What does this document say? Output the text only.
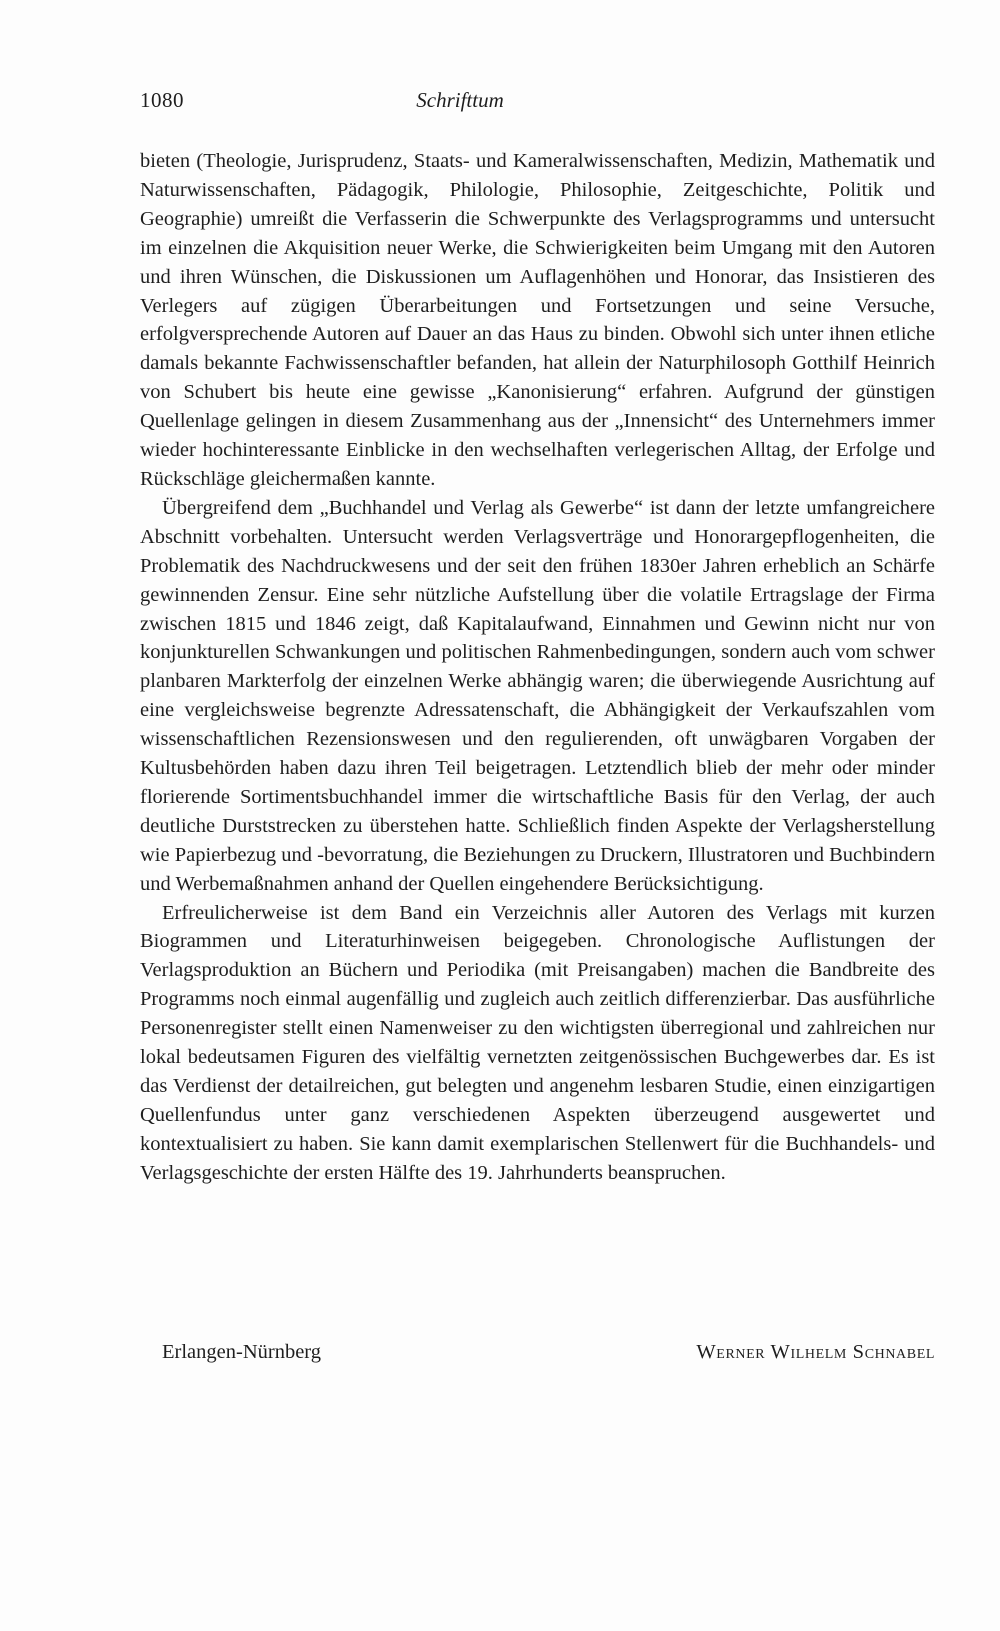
1080	Schrifttum

bieten (Theologie, Jurisprudenz, Staats- und Kameralwissenschaften, Medizin, Mathematik und Naturwissenschaften, Pädagogik, Philologie, Philosophie, Zeitgeschichte, Politik und Geographie) umreißt die Verfasserin die Schwerpunkte des Verlagsprogramms und untersucht im einzelnen die Akquisition neuer Werke, die Schwierigkeiten beim Umgang mit den Autoren und ihren Wünschen, die Diskussionen um Auflagenhöhen und Honorar, das Insistieren des Verlegers auf zügigen Überarbeitungen und Fortsetzungen und seine Versuche, erfolgversprechende Autoren auf Dauer an das Haus zu binden. Obwohl sich unter ihnen etliche damals bekannte Fachwissenschaftler befanden, hat allein der Naturphilosoph Gotthilf Heinrich von Schubert bis heute eine gewisse „Kanonisierung“ erfahren. Aufgrund der günstigen Quellenlage gelingen in diesem Zusammenhang aus der „Innensicht“ des Unternehmers immer wieder hochinteressante Einblicke in den wechselhaften verlegerischen Alltag, der Erfolge und Rückschläge gleichermaßen kannte.

Übergreifend dem „Buchhandel und Verlag als Gewerbe“ ist dann der letzte umfangreichere Abschnitt vorbehalten. Untersucht werden Verlagsverträge und Honorargepflogenheiten, die Problematik des Nachdruckwesens und der seit den frühen 1830er Jahren erheblich an Schärfe gewinnenden Zensur. Eine sehr nützliche Aufstellung über die volatile Ertragslage der Firma zwischen 1815 und 1846 zeigt, daß Kapitalaufwand, Einnahmen und Gewinn nicht nur von konjunkturellen Schwankungen und politischen Rahmenbedingungen, sondern auch vom schwer planbaren Markterfolg der einzelnen Werke abhängig waren; die überwiegende Ausrichtung auf eine vergleichsweise begrenzte Adressatenschaft, die Abhängigkeit der Verkaufszahlen vom wissenschaftlichen Rezensionswesen und den regulierenden, oft unwägbaren Vorgaben der Kultusbehörden haben dazu ihren Teil beigetragen. Letztendlich blieb der mehr oder minder florierende Sortimentsbuchhandel immer die wirtschaftliche Basis für den Verlag, der auch deutliche Durststrecken zu überstehen hatte. Schließlich finden Aspekte der Verlagsherstellung wie Papierbezug und -bevorratung, die Beziehungen zu Druckern, Illustratoren und Buchbindern und Werbemaßnahmen anhand der Quellen eingehendere Berücksichtigung.

Erfreulicherweise ist dem Band ein Verzeichnis aller Autoren des Verlags mit kurzen Biogrammen und Literaturhinweisen beigegeben. Chronologische Auflistungen der Verlagsproduktion an Büchern und Periodika (mit Preisangaben) machen die Bandbreite des Programms noch einmal augenfällig und zugleich auch zeitlich differenzierbar. Das ausführliche Personenregister stellt einen Namenweiser zu den wichtigsten überregional und zahlreichen nur lokal bedeutsamen Figuren des vielfältig vernetzten zeitgenössischen Buchgewerbes dar. Es ist das Verdienst der detailreichen, gut belegten und angenehm lesbaren Studie, einen einzigartigen Quellenfundus unter ganz verschiedenen Aspekten überzeugend ausgewertet und kontextualisiert zu haben. Sie kann damit exemplarischen Stellenwert für die Buchhandels- und Verlagsgeschichte der ersten Hälfte des 19. Jahrhunderts beanspruchen.

Erlangen-Nürnberg	Werner Wilhelm Schnabel
